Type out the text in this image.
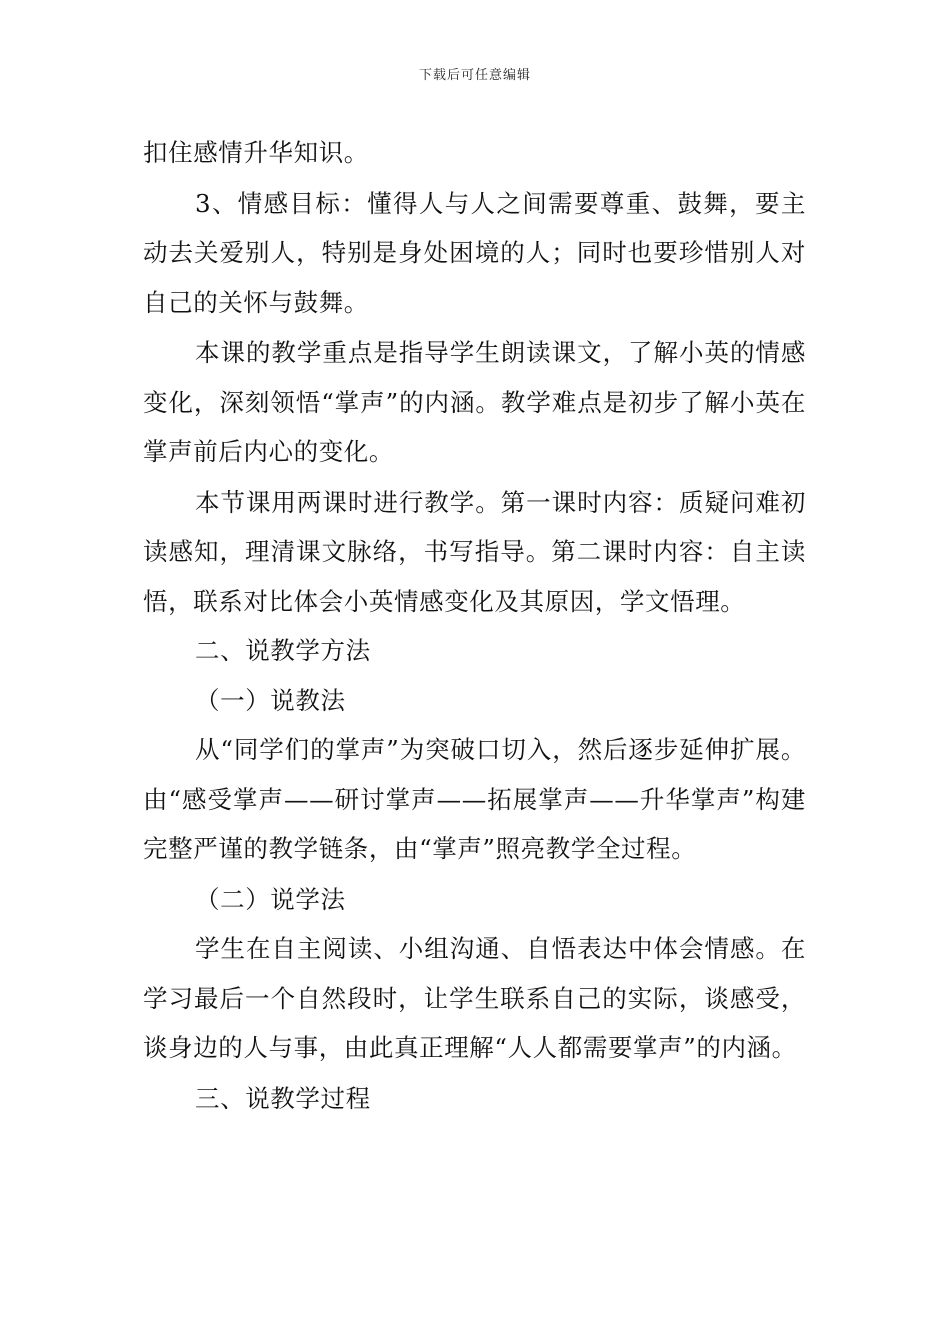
下载后可任意编辑

扣住感情升华知识。

3、情感目标：懂得人与人之间需要尊重、鼓舞，要主动去关爱别人，特别是身处困境的人；同时也要珍惜别人对自己的关怀与鼓舞。

本课的教学重点是指导学生朗读课文，了解小英的情感变化，深刻领悟“掌声”的内涵。教学难点是初步了解小英在掌声前后内心的变化。

本节课用两课时进行教学。第一课时内容：质疑问难初读感知，理清课文脉络，书写指导。第二课时内容：自主读悟，联系对比体会小英情感变化及其原因，学文悟理。

二、说教学方法

（一）说教法

从“同学们的掌声”为突破口切入，然后逐步延伸扩展。由“感受掌声——研讨掌声——拓展掌声——升华掌声”构建完整严谨的教学链条，由“掌声”照亮教学全过程。

（二）说学法

学生在自主阅读、小组沟通、自悟表达中体会情感。在学习最后一个自然段时，让学生联系自己的实际，谈感受，谈身边的人与事，由此真正理解“人人都需要掌声”的内涵。

三、说教学过程
